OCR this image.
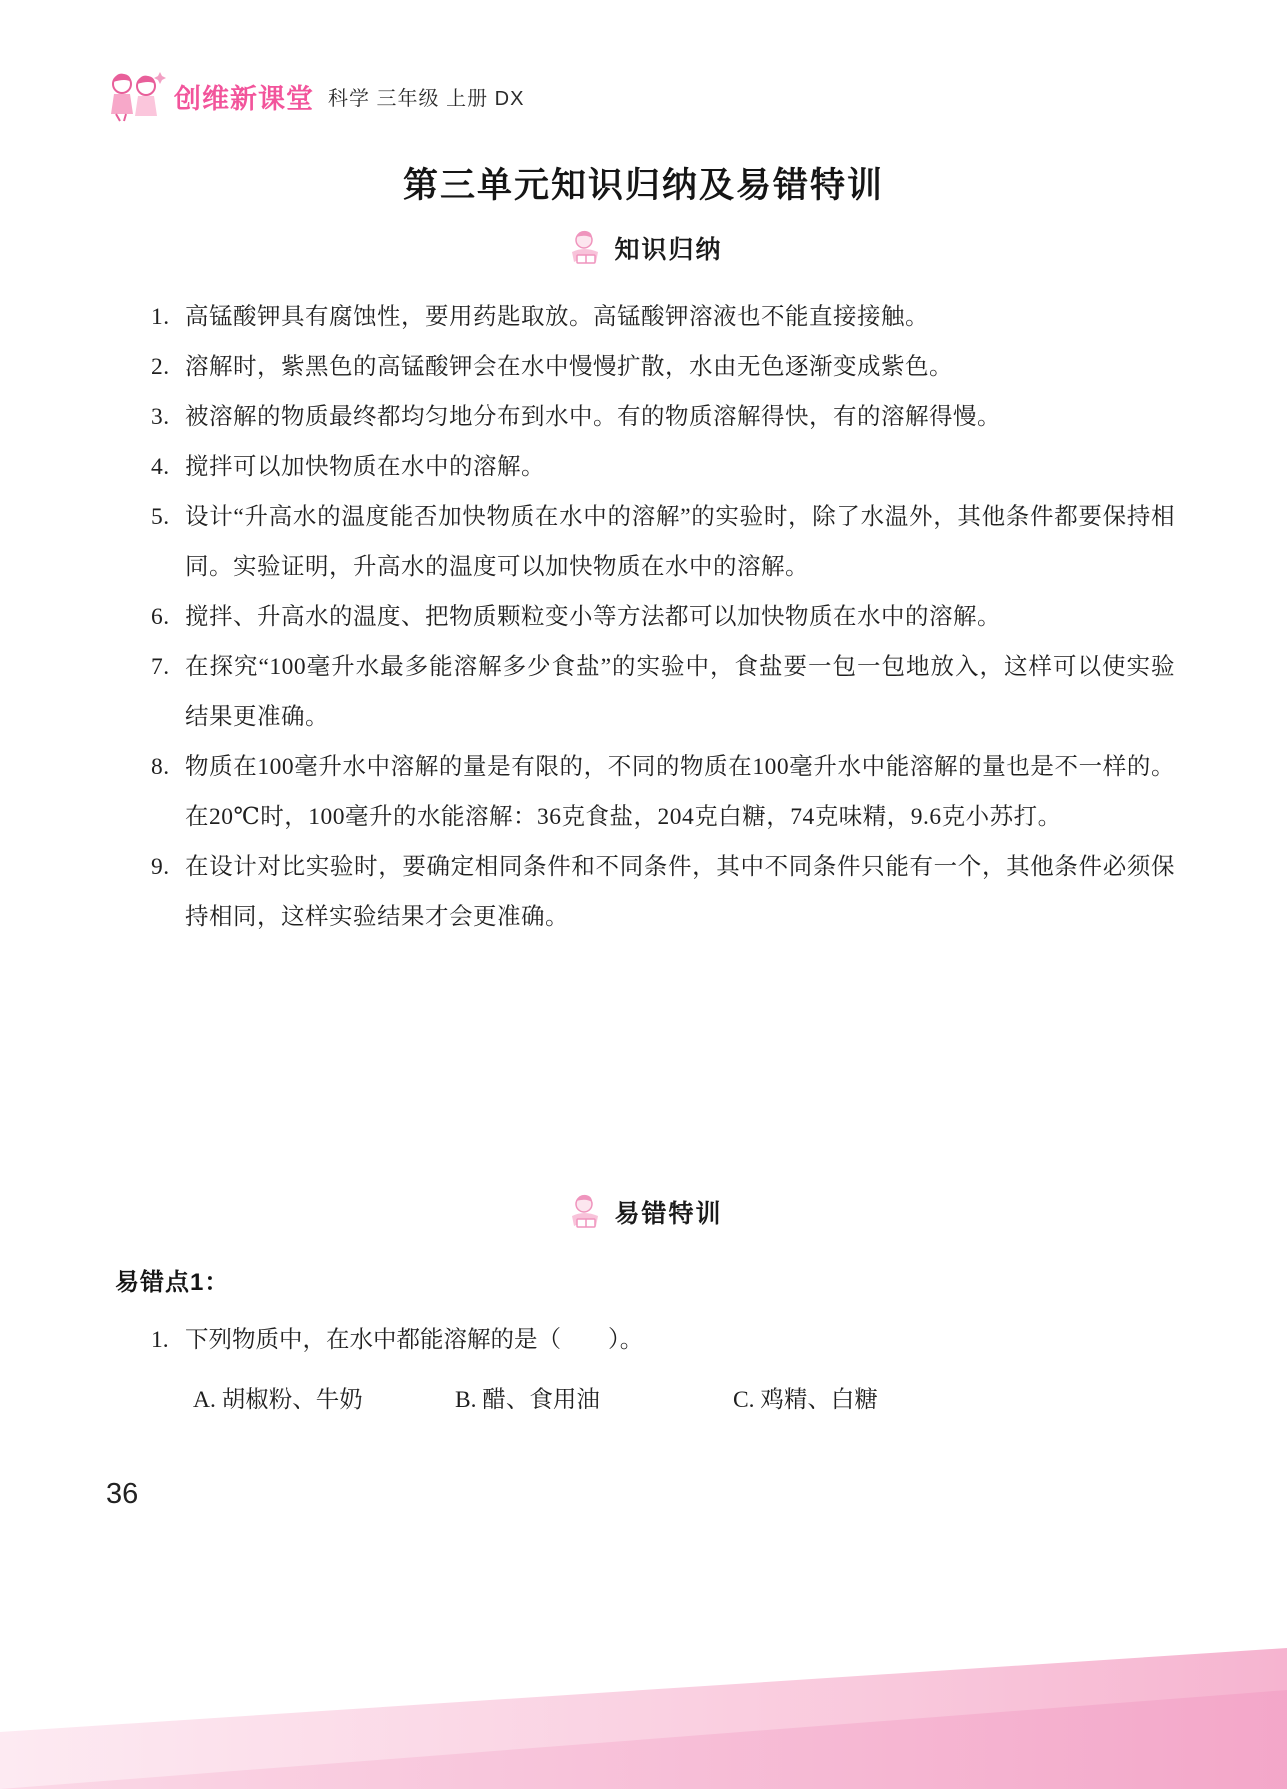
创维新课堂 科学 三年级 上册 DX
第三单元知识归纳及易错特训
知识归纳
1. 高锰酸钾具有腐蚀性，要用药匙取放。高锰酸钾溶液也不能直接接触。
2. 溶解时，紫黑色的高锰酸钾会在水中慢慢扩散，水由无色逐渐变成紫色。
3. 被溶解的物质最终都均匀地分布到水中。有的物质溶解得快，有的溶解得慢。
4. 搅拌可以加快物质在水中的溶解。
5. 设计“升高水的温度能否加快物质在水中的溶解”的实验时，除了水温外，其他条件都要保持相同。实验证明，升高水的温度可以加快物质在水中的溶解。
6. 搅拌、升高水的温度、把物质颗粒变小等方法都可以加快物质在水中的溶解。
7. 在探究“100毫升水最多能溶解多少食盐”的实验中，食盐要一包一包地放入，这样可以使实验结果更准确。
8. 物质在100毫升水中溶解的量是有限的，不同的物质在100毫升水中能溶解的量也是不一样的。在20℃时，100毫升的水能溶解：36克食盐，204克白糖，74克味精，9.6克小苏打。
9. 在设计对比实验时，要确定相同条件和不同条件，其中不同条件只能有一个，其他条件必须保持相同，这样实验结果才会更准确。
易错特训
易错点1：
1. 下列物质中，在水中都能溶解的是（　　）。
A. 胡椒粉、牛奶	B. 醋、食用油	C. 鸡精、白糖
36
